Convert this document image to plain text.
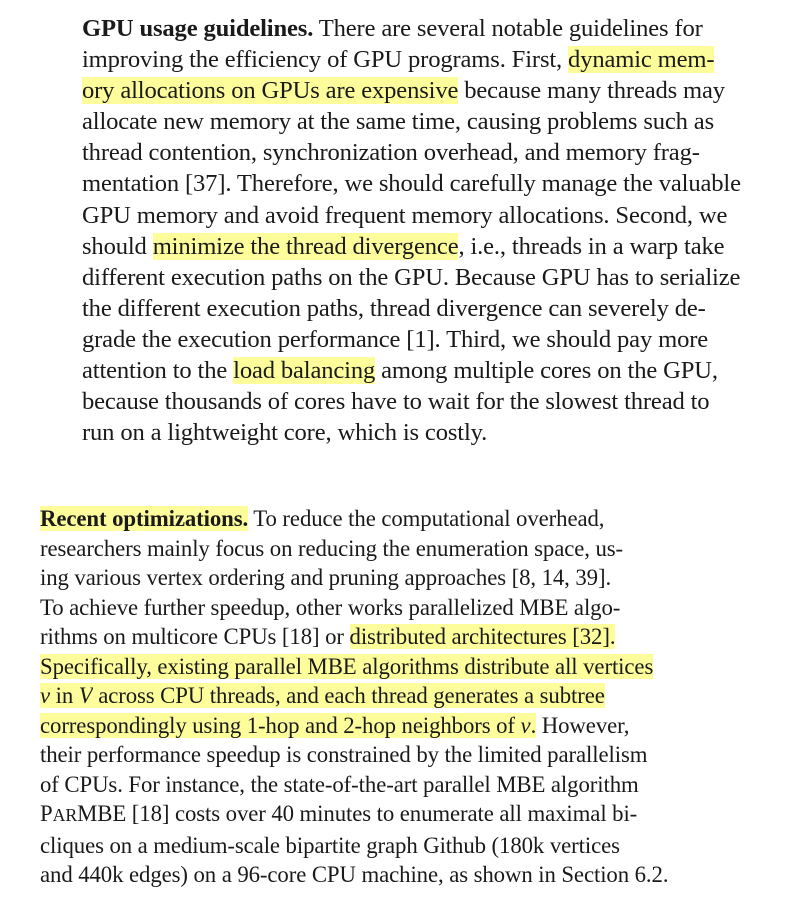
GPU usage guidelines. There are several notable guidelines for
improving the efficiency of GPU programs. First, dynamic mem-
ory allocations on GPUs are expensive because many threads may
allocate new memory at the same time, causing problems such as
thread contention, synchronization overhead, and memory frag-
mentation [37]. Therefore, we should carefully manage the valuable
GPU memory and avoid frequent memory allocations. Second, we
should minimize the thread divergence, i.e., threads in a warp take
different execution paths on the GPU. Because GPU has to serialize
the different execution paths, thread divergence can severely de-
grade the execution performance [1]. Third, we should pay more
attention to the load balancing among multiple cores on the GPU,
because thousands of cores have to wait for the slowest thread to
run on a lightweight core, which is costly.
Recent optimizations. To reduce the computational overhead,
researchers mainly focus on reducing the enumeration space, us-
ing various vertex ordering and pruning approaches [8, 14, 39].
To achieve further speedup, other works parallelized MBE algo-
rithms on multicore CPUs [18] or distributed architectures [32].
Specifically, existing parallel MBE algorithms distribute all vertices
v in V across CPU threads, and each thread generates a subtree
correspondingly using 1-hop and 2-hop neighbors of v. However,
their performance speedup is constrained by the limited parallelism
of CPUs. For instance, the state-of-the-art parallel MBE algorithm
PARMBE [18] costs over 40 minutes to enumerate all maximal bi-
cliques on a medium-scale bipartite graph Github (180k vertices
and 440k edges) on a 96-core CPU machine, as shown in Section 6.2.
